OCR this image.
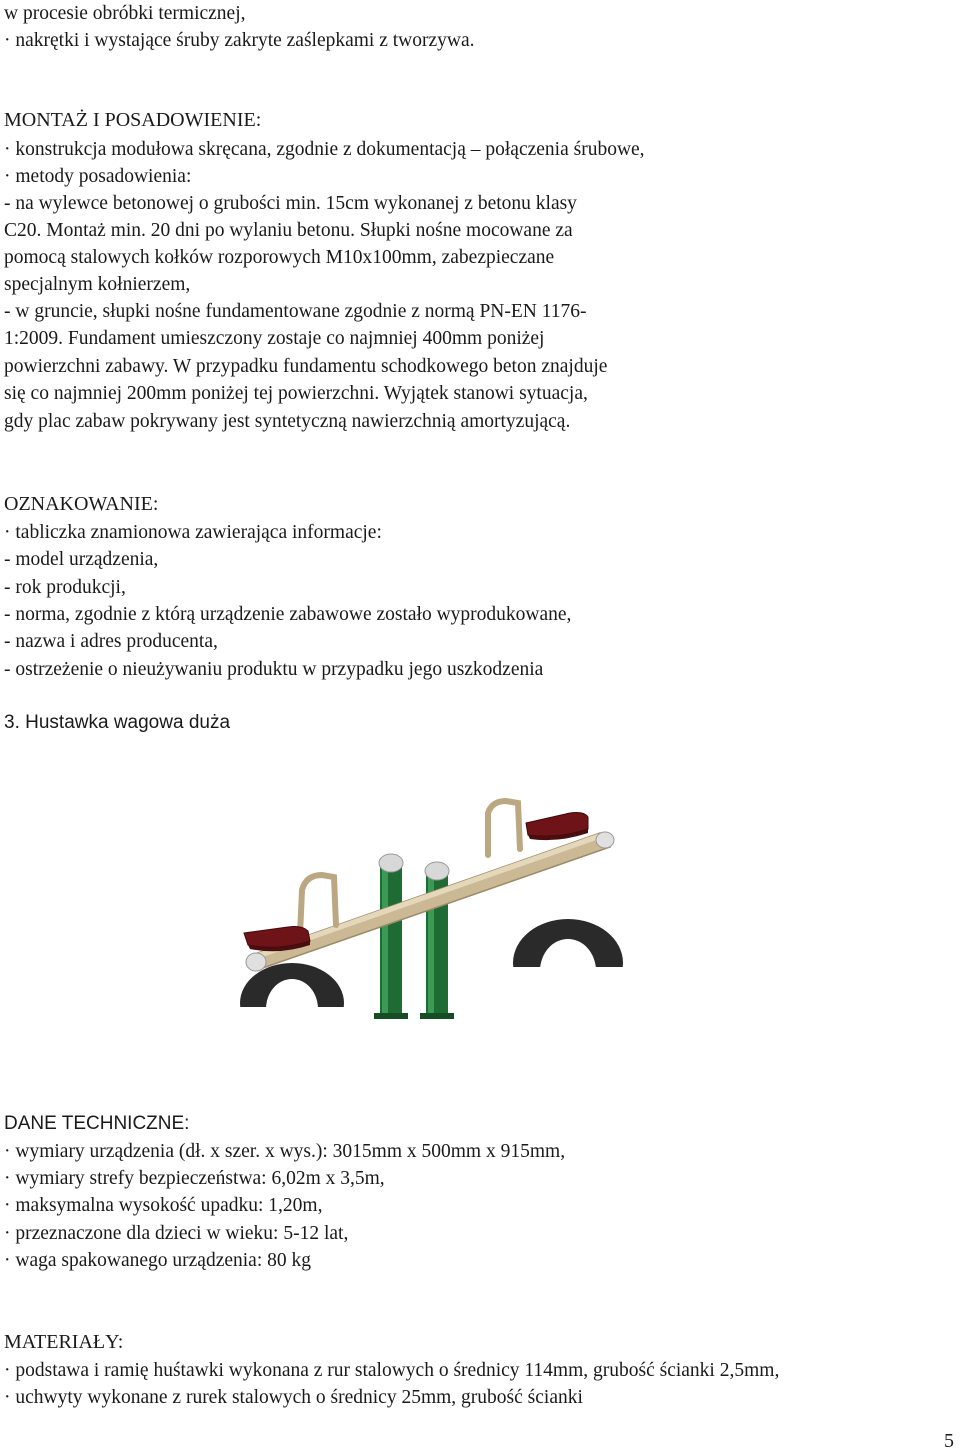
w procesie obróbki termicznej,
· nakrętki i wystające śruby zakryte zaślepkami z tworzywa.
MONTAŻ I POSADOWIENIE:
· konstrukcja modułowa skręcana, zgodnie z dokumentacją – połączenia śrubowe,
· metody posadowienia:
- na wylewce betonowej o grubości min. 15cm wykonanej z betonu klasy
C20. Montaż min. 20 dni po wylaniu betonu. Słupki nośne mocowane za
pomocą stalowych kołków rozporowych M10x100mm, zabezpieczane
specjalnym kołnierzem,
- w gruncie, słupki nośne fundamentowane zgodnie z normą PN-EN 1176-
1:2009. Fundament umieszczony zostaje co najmniej 400mm poniżej
powierzchni zabawy. W przypadku fundamentu schodkowego beton znajduje
się co najmniej 200mm poniżej tej powierzchni. Wyjątek stanowi sytuacja,
gdy plac zabaw pokrywany jest syntetyczną nawierzchnią amortyzującą.
OZNAKOWANIE:
· tabliczka znamionowa zawierająca informacje:
- model urządzenia,
- rok produkcji,
- norma, zgodnie z którą urządzenie zabawowe zostało wyprodukowane,
- nazwa i adres producenta,
- ostrzeżenie o nieużywaniu produktu w przypadku jego uszkodzenia
3. Hustawka wagowa duża
DANE TECHNICZNE:
· wymiary urządzenia (dł. x szer. x wys.): 3015mm x 500mm x 915mm,
· wymiary strefy bezpieczeństwa: 6,02m x 3,5m,
· maksymalna wysokość upadku: 1,20m,
· przeznaczone dla dzieci w wieku: 5-12 lat,
· waga spakowanego urządzenia: 80 kg
MATERIAŁY:
· podstawa i ramię huśtawki wykonana z rur stalowych o średnicy 114mm, grubość ścianki 2,5mm,
· uchwyty wykonane z rurek stalowych o średnicy 25mm, grubość ścianki
5
